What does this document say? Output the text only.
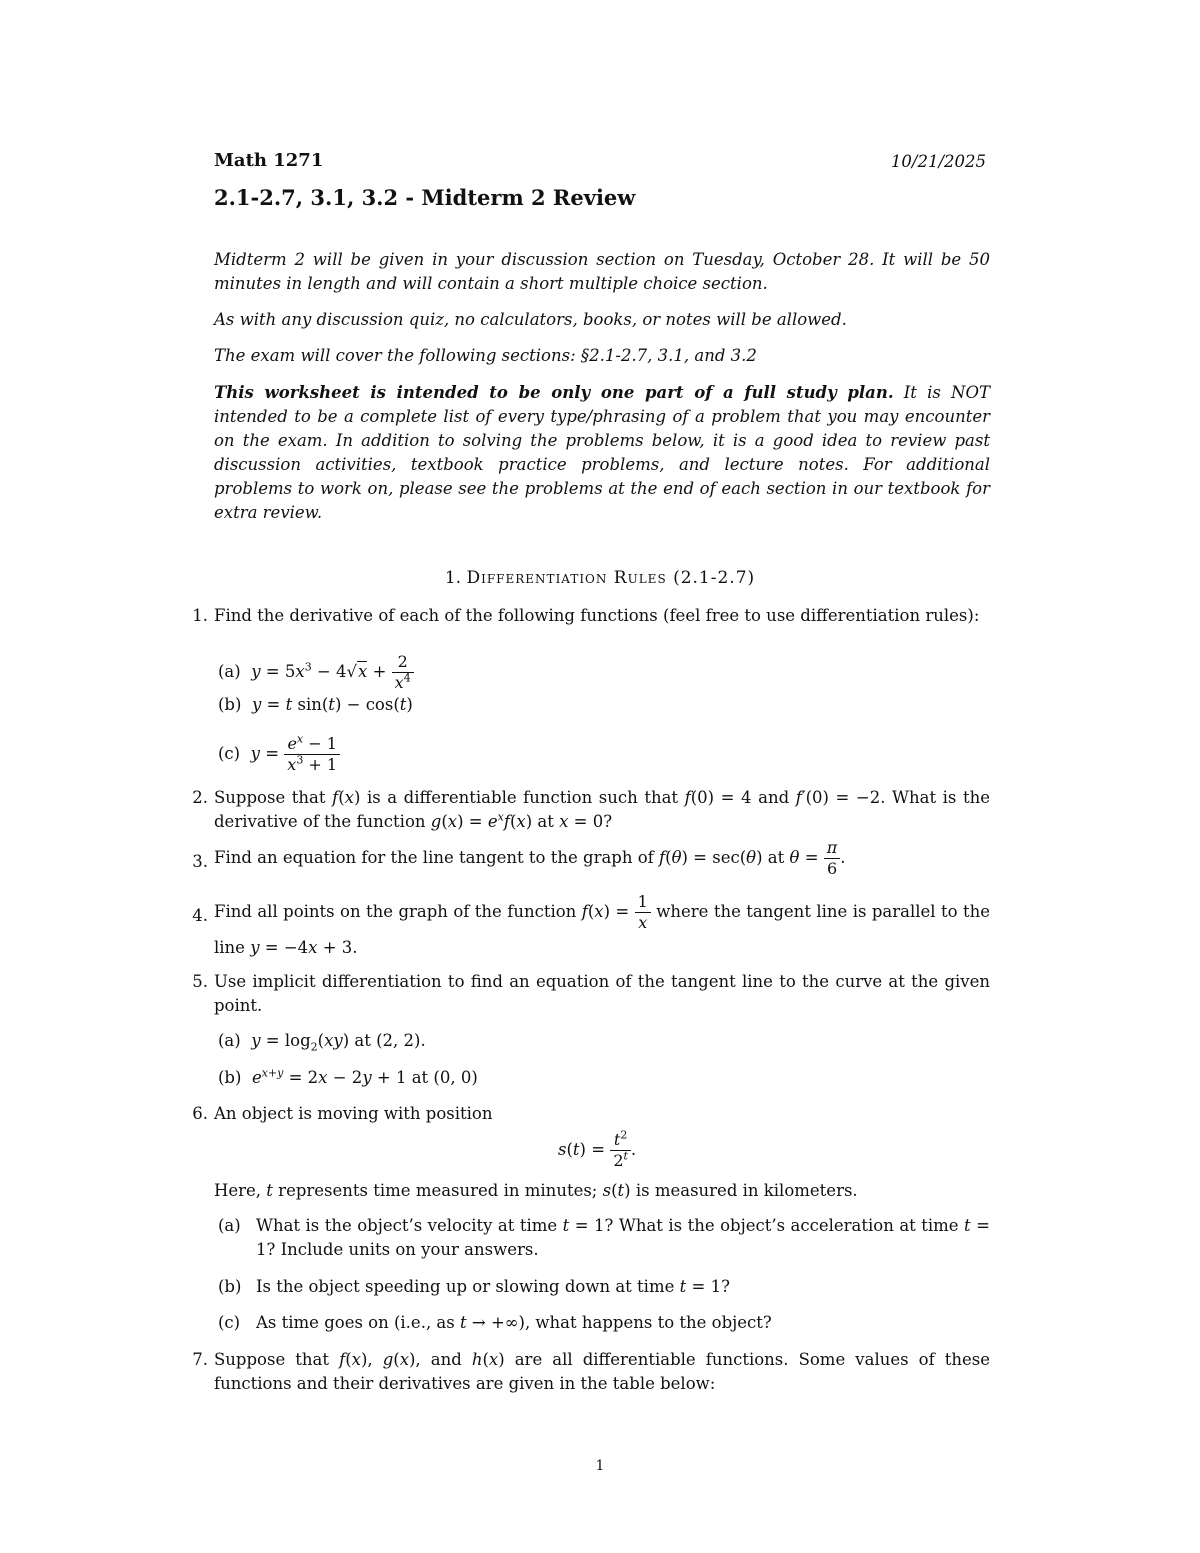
Math 1271	10/21/2025
2.1-2.7, 3.1, 3.2 - Midterm 2 Review
Midterm 2 will be given in your discussion section on Tuesday, October 28. It will be 50 minutes in length and will contain a short multiple choice section.
As with any discussion quiz, no calculators, books, or notes will be allowed.
The exam will cover the following sections: §2.1-2.7, 3.1, and 3.2
This worksheet is intended to be only one part of a full study plan. It is NOT intended to be a complete list of every type/phrasing of a problem that you may encounter on the exam. In addition to solving the problems below, it is a good idea to review past discussion activities, textbook practice problems, and lecture notes. For additional problems to work on, please see the problems at the end of each section in our textbook for extra review.
1. Differentiation Rules (2.1-2.7)
1. Find the derivative of each of the following functions (feel free to use differentiation rules):
(a) $y = 5x^3 - 4√x + \frac{2}{x^4}$
(b) y = t sin(t) − cos(t)
(c) $y = \frac{e^x - 1}{x^3 + 1}$
2. Suppose that f(x) is a differentiable function such that f(0) = 4 and f′(0) = −2. What is the derivative of the function $g(x) = e^xf(x)$ at x = 0?
3. Find an equation for the line tangent to the graph of f(θ) = sec(θ) at $\theta = \frac{\pi}{6}$ .
4. Find all points on the graph of the function $f(x) = \frac{1}{x}$ where the tangent line is parallel to the line y = −4x + 3.
5. Use implicit differentiation to find an equation of the tangent line to the curve at the given point.
(a) $y = \log_2(xy)$ at (2, 2).
(b) $e^{x+y} = 2x - 2y + 1$ at (0, 0)
6. An object is moving with position
$s(t) = \frac{t^2}{2^t}$ .
Here, t represents time measured in minutes; s(t) is measured in kilometers.
(a) What is the object’s velocity at time t = 1? What is the object’s acceleration at time t = 1? Include units on your answers.
(b) Is the object speeding up or slowing down at time t = 1?
(c) As time goes on (i.e., as t → +∞), what happens to the object?
7. Suppose that f(x), g(x), and h(x) are all differentiable functions. Some values of these functions and their derivatives are given in the table below:
1
